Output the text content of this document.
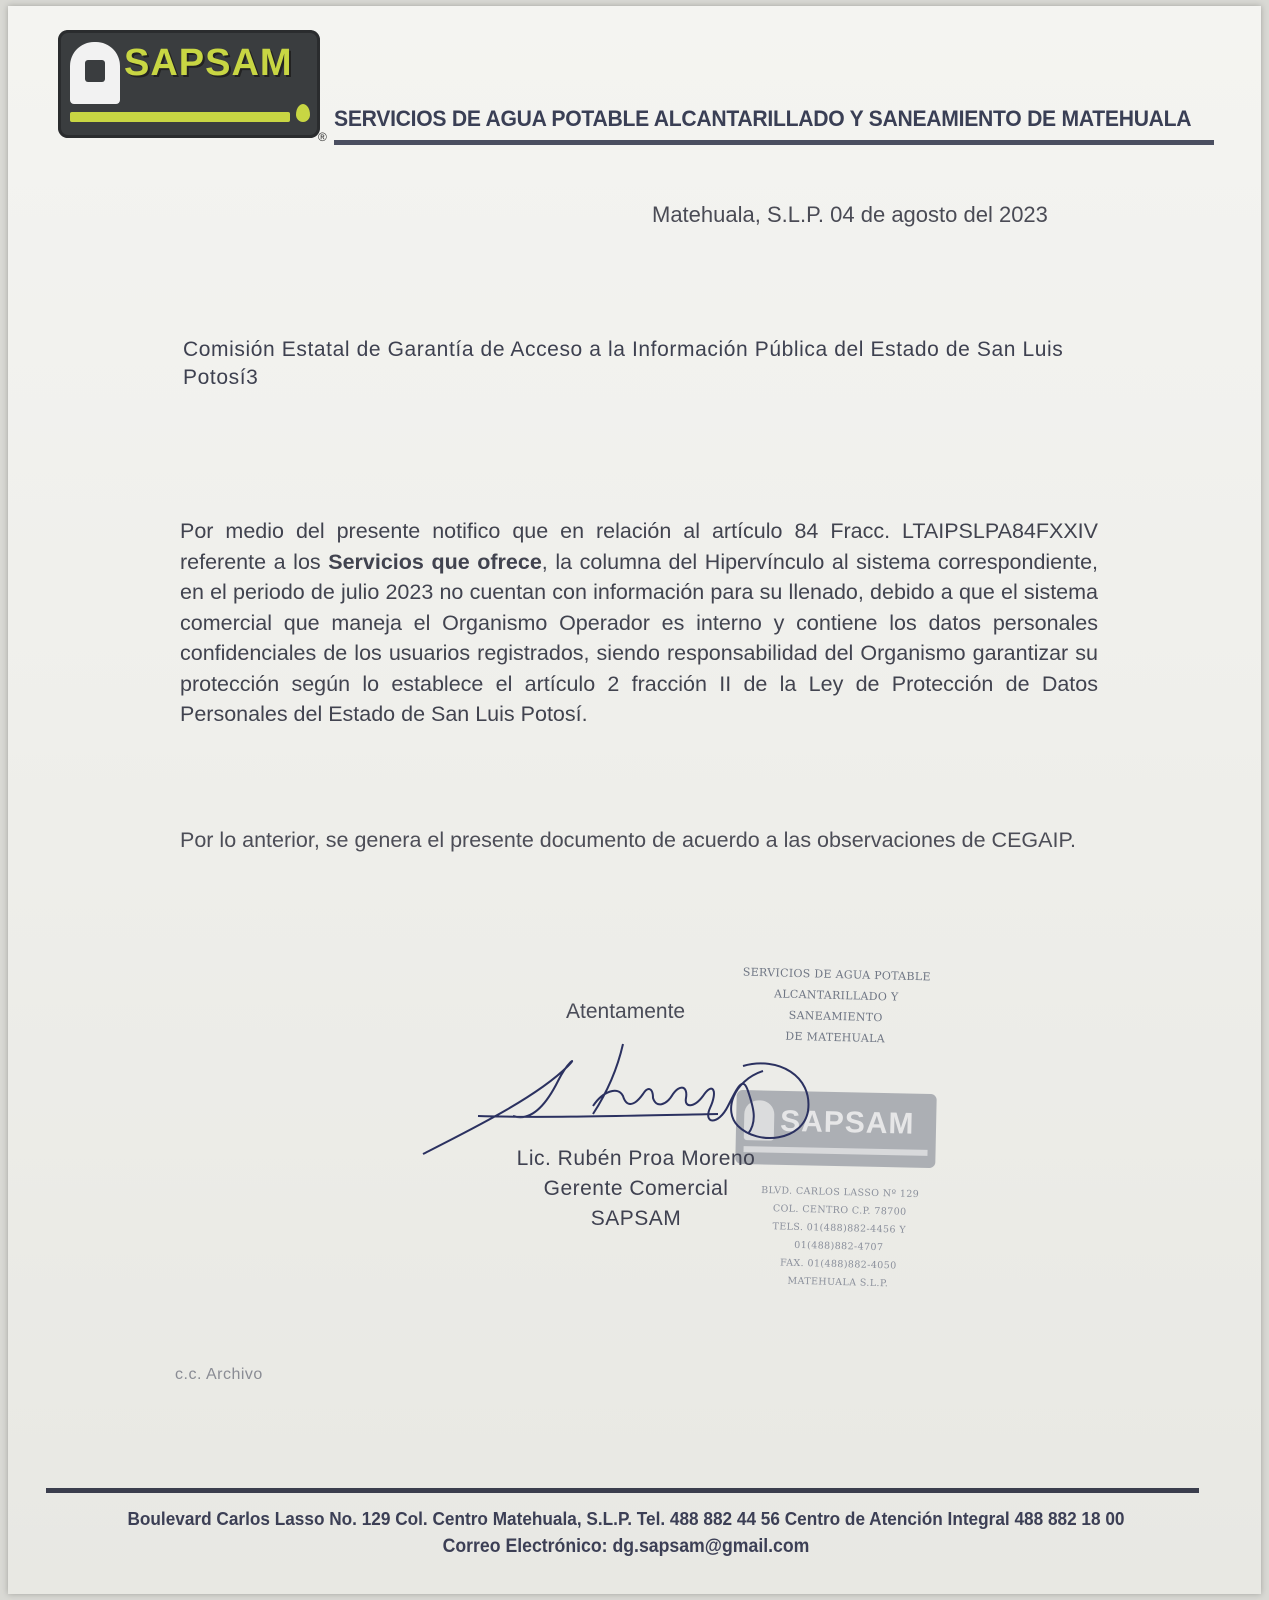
SAPSAM
®
SERVICIOS DE AGUA POTABLE ALCANTARILLADO Y SANEAMIENTO DE MATEHUALA
Matehuala, S.L.P. 04 de agosto del 2023
Comisión Estatal de Garantía de Acceso a la Información Pública del Estado de San Luis Potosí3
Por medio del presente notifico que en relación al artículo 84 Fracc. LTAIPSLPA84FXXIV referente a los Servicios que ofrece, la columna del Hipervínculo al sistema correspondiente, en el periodo de julio 2023 no cuentan con información para su llenado, debido a que el sistema comercial que maneja el Organismo Operador es interno y contiene los datos personales confidenciales de los usuarios registrados, siendo responsabilidad del Organismo garantizar su protección según lo establece el artículo 2 fracción II de la Ley de Protección de Datos Personales del Estado de San Luis Potosí.
Por lo anterior, se genera el presente documento de acuerdo a las observaciones de CEGAIP.
SERVICIOS DE AGUA POTABLE
ALCANTARILLADO Y
SANEAMIENTO
DE MATEHUALA
Atentamente
SAPSAM
Lic. Rubén Proa Moreno
Gerente Comercial
SAPSAM
BLVD. CARLOS LASSO Nº 129
COL. CENTRO C.P. 78700
TELS. 01(488)882-4456 Y
01(488)882-4707
FAX. 01(488)882-4050
MATEHUALA S.L.P.
c.c. Archivo
Boulevard Carlos Lasso No. 129 Col. Centro Matehuala, S.L.P. Tel. 488 882 44 56 Centro de Atención Integral 488 882 18 00
Correo Electrónico: dg.sapsam@gmail.com
